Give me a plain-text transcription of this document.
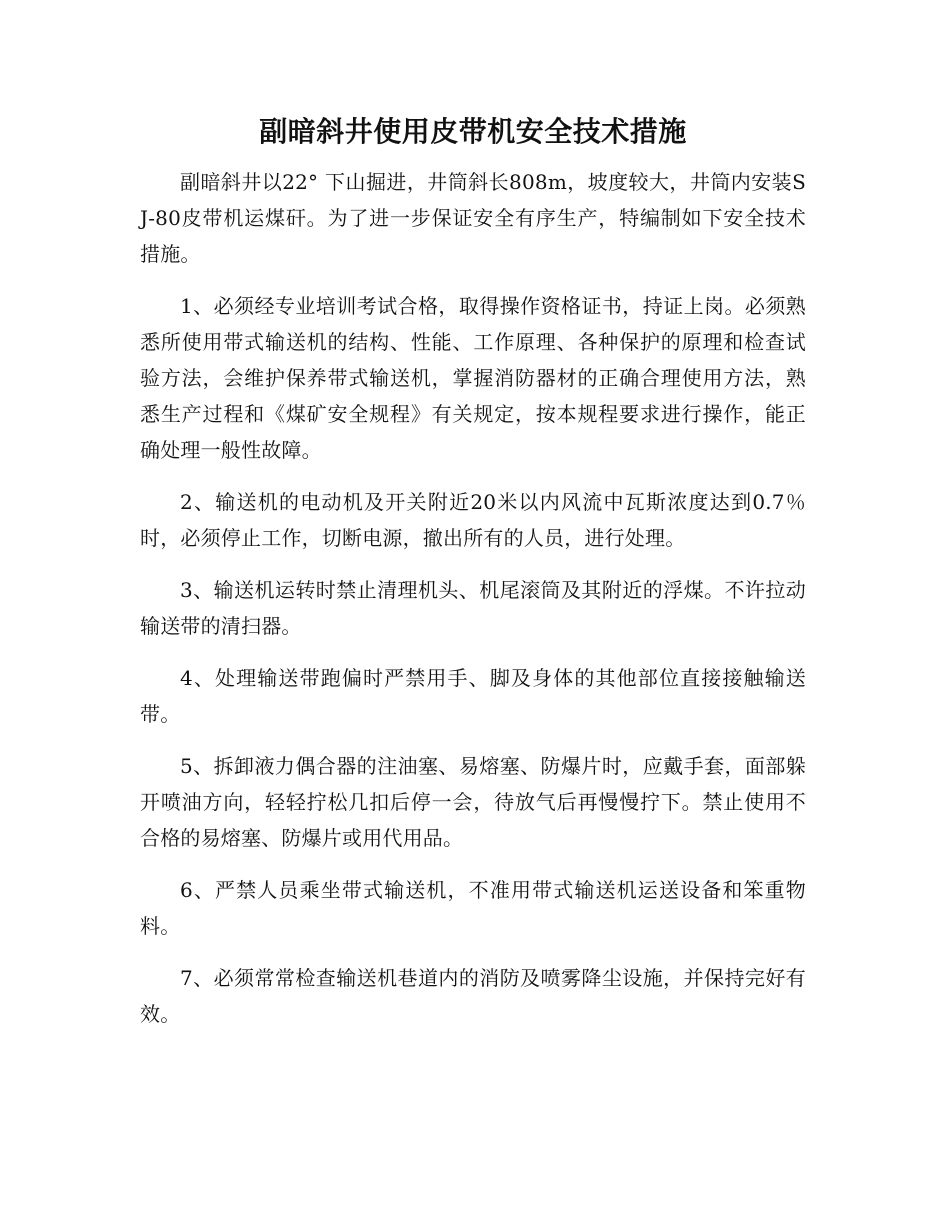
副暗斜井使用皮带机安全技术措施

副暗斜井以22° 下山掘进，井筒斜长808m，坡度较大，井筒内安装SJ-80皮带机运煤矸。为了进一步保证安全有序生产，特编制如下安全技术措施。

1、必须经专业培训考试合格，取得操作资格证书，持证上岗。必须熟悉所使用带式输送机的结构、性能、工作原理、各种保护的原理和检查试验方法，会维护保养带式输送机，掌握消防器材的正确合理使用方法，熟悉生产过程和《煤矿安全规程》有关规定，按本规程要求进行操作，能正确处理一般性故障。

2、输送机的电动机及开关附近20米以内风流中瓦斯浓度达到0.7％时，必须停止工作，切断电源，撤出所有的人员，进行处理。

3、输送机运转时禁止清理机头、机尾滚筒及其附近的浮煤。不许拉动输送带的清扫器。

4、处理输送带跑偏时严禁用手、脚及身体的其他部位直接接触输送带。

5、拆卸液力偶合器的注油塞、易熔塞、防爆片时，应戴手套，面部躲开喷油方向，轻轻拧松几扣后停一会，待放气后再慢慢拧下。禁止使用不合格的易熔塞、防爆片或用代用品。

6、严禁人员乘坐带式输送机，不准用带式输送机运送设备和笨重物料。

7、必须常常检查输送机巷道内的消防及喷雾降尘设施，并保持完好有效。
